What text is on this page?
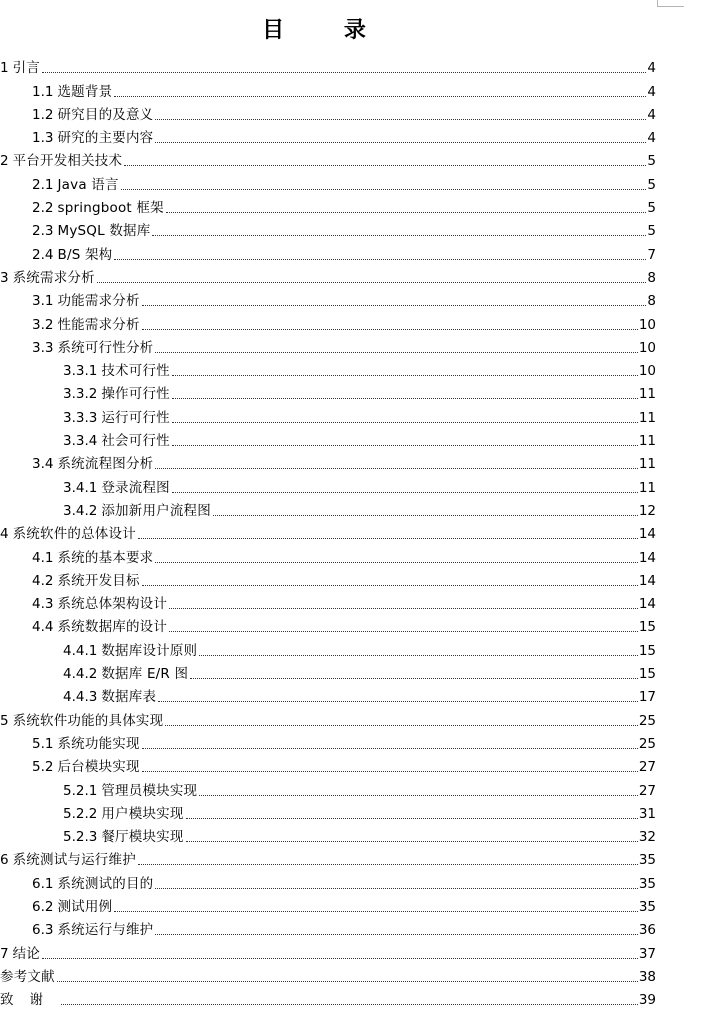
目 录
1 引言	4
1.1 选题背景	4
1.2 研究目的及意义	4
1.3 研究的主要内容	4
2 平台开发相关技术	5
2.1 Java 语言	5
2.2 springboot 框架	5
2.3 MySQL 数据库	5
2.4 B/S 架构	7
3 系统需求分析	8
3.1 功能需求分析	8
3.2 性能需求分析	10
3.3 系统可行性分析	10
3.3.1 技术可行性	10
3.3.2 操作可行性	11
3.3.3 运行可行性	11
3.3.4 社会可行性	11
3.4 系统流程图分析	11
3.4.1 登录流程图	11
3.4.2 添加新用户流程图	12
4 系统软件的总体设计	14
4.1 系统的基本要求	14
4.2 系统开发目标	14
4.3 系统总体架构设计	14
4.4 系统数据库的设计	15
4.4.1 数据库设计原则	15
4.4.2 数据库 E/R 图	15
4.4.3 数据库表	17
5 系统软件功能的具体实现	25
5.1 系统功能实现	25
5.2 后台模块实现	27
5.2.1 管理员模块实现	27
5.2.2 用户模块实现	31
5.2.3 餐厅模块实现	32
6 系统测试与运行维护	35
6.1 系统测试的目的	35
6.2 测试用例	35
6.3 系统运行与维护	36
7 结论	37
参考文献	38
致谢	39
